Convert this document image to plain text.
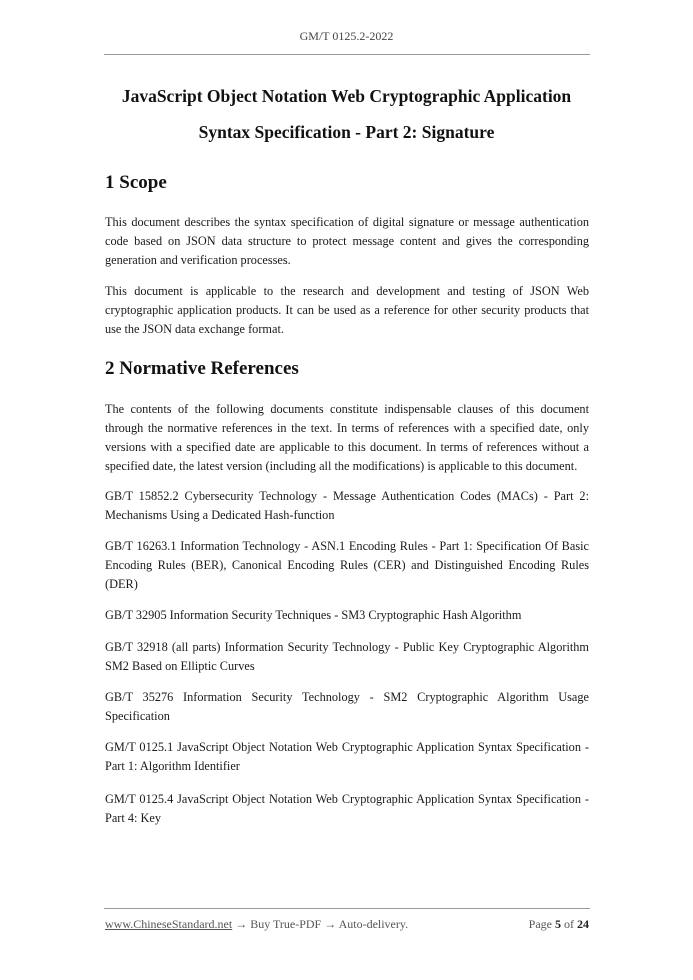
GM/T 0125.2-2022
JavaScript Object Notation Web Cryptographic Application
Syntax Specification - Part 2: Signature
1 Scope

This document describes the syntax specification of digital signature or message authentication code based on JSON data structure to protect message content and gives the corresponding generation and verification processes.

This document is applicable to the research and development and testing of JSON Web cryptographic application products. It can be used as a reference for other security products that use the JSON data exchange format.

2 Normative References

The contents of the following documents constitute indispensable clauses of this document through the normative references in the text. In terms of references with a specified date, only versions with a specified date are applicable to this document. In terms of references without a specified date, the latest version (including all the modifications) is applicable to this document.

GB/T 15852.2 Cybersecurity Technology - Message Authentication Codes (MACs) - Part 2: Mechanisms Using a Dedicated Hash-function

GB/T 16263.1 Information Technology - ASN.1 Encoding Rules - Part 1: Specification Of Basic Encoding Rules (BER), Canonical Encoding Rules (CER) and Distinguished Encoding Rules (DER)

GB/T 32905 Information Security Techniques - SM3 Cryptographic Hash Algorithm

GB/T 32918 (all parts) Information Security Technology - Public Key Cryptographic Algorithm SM2 Based on Elliptic Curves

GB/T 35276 Information Security Technology - SM2 Cryptographic Algorithm Usage Specification

GM/T 0125.1 JavaScript Object Notation Web Cryptographic Application Syntax Specification - Part 1: Algorithm Identifier

GM/T 0125.4 JavaScript Object Notation Web Cryptographic Application Syntax Specification - Part 4: Key

www.ChineseStandard.net → Buy True-PDF → Auto-delivery.	Page 5 of 24
